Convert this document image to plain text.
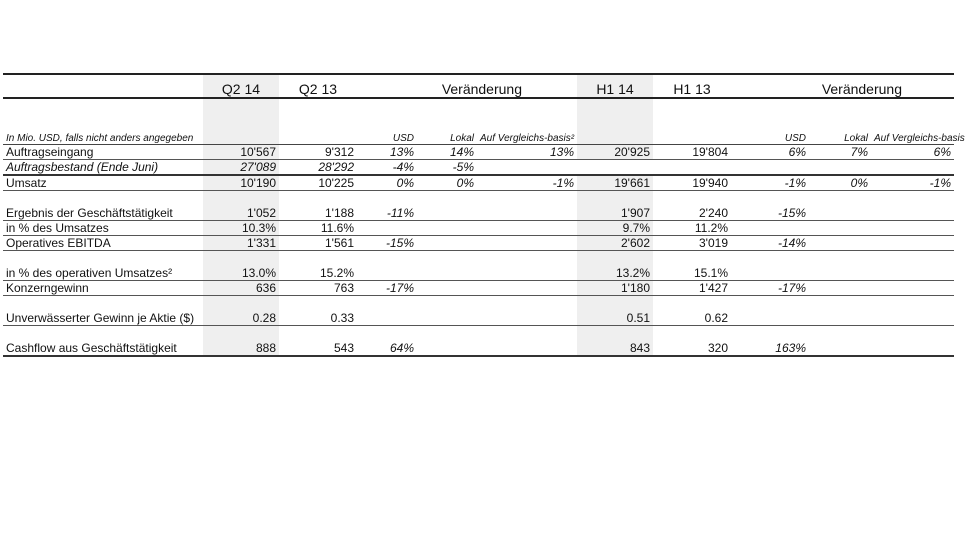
	Q2 14	Q2 13	Veränderung			H1 14	H1 13	Veränderung		
In Mio. USD, falls nicht anders angegeben			USD	Lokal	Auf Vergleichs-basis²			USD	Lokal	Auf Vergleichs-basis
Auftragseingang	10'567	9'312	13%	14%	13%	20'925	19'804	6%	7%	6%
Auftragsbestand (Ende Juni)	27'089	28'292	-4%	-5%						
Umsatz	10'190	10'225	0%	0%	-1%	19'661	19'940	-1%	0%	-1%
Ergebnis der Geschäftstätigkeit	1'052	1'188	-11%			1'907	2'240	-15%		
in % des Umsatzes	10.3%	11.6%				9.7%	11.2%			
Operatives EBITDA	1'331	1'561	-15%			2'602	3'019	-14%		
in % des operativen Umsatzes²	13.0%	15.2%				13.2%	15.1%			
Konzerngewinn	636	763	-17%			1'180	1'427	-17%		
Unverwässerter Gewinn je Aktie ($)	0.28	0.33				0.51	0.62			
Cashflow aus Geschäftstätigkeit	888	543	64%			843	320	163%		
